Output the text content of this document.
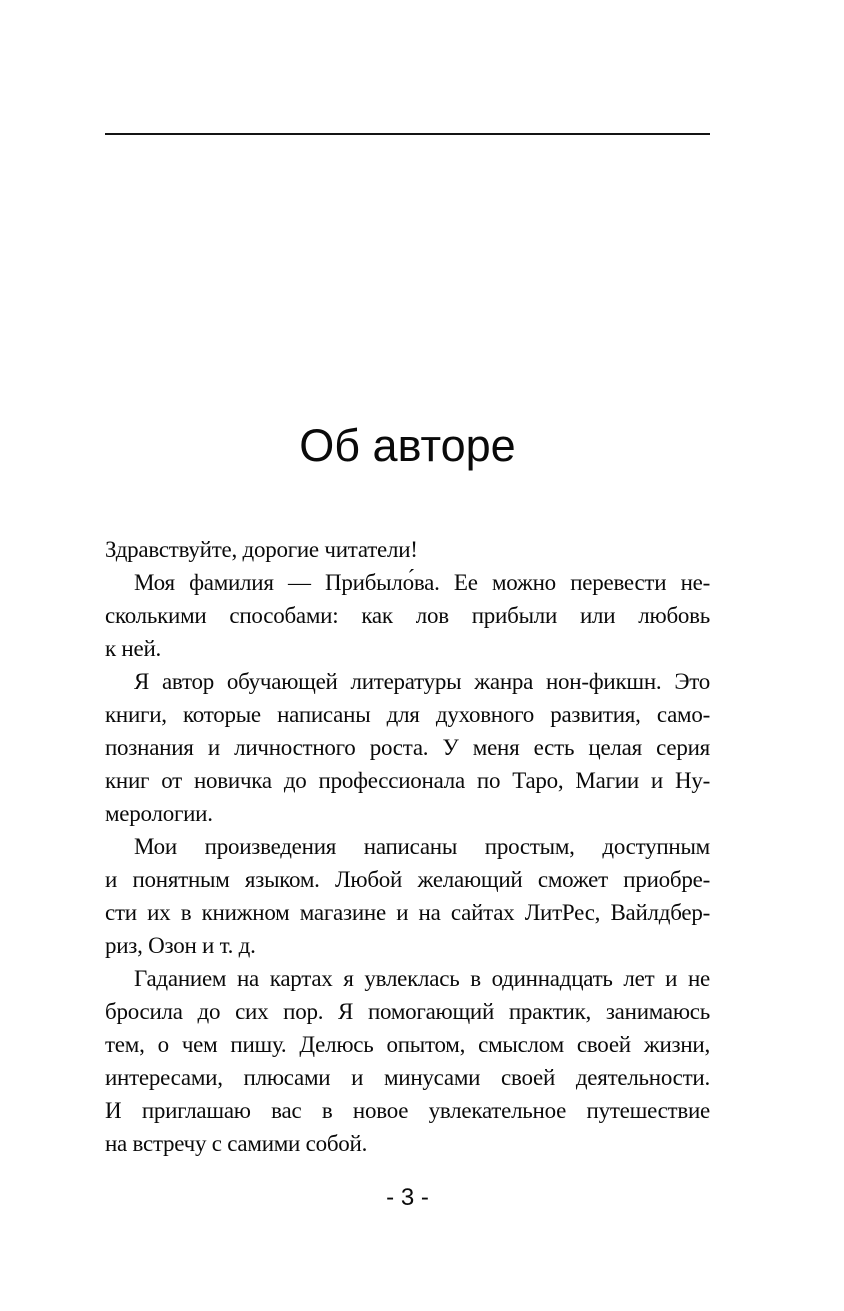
Об авторе
Здравствуйте, дорогие читатели!
Моя фамилия — Прибыло́ва. Ее можно перевести не-
сколькими способами: как лов прибыли или любовь
к ней.
Я автор обучающей литературы жанра нон-фикшн. Это
книги, которые написаны для духовного развития, само-
познания и личностного роста. У меня есть целая серия
книг от новичка до профессионала по Таро, Магии и Ну-
мерологии.
Мои произведения написаны простым, доступным
и понятным языком. Любой желающий сможет приобре-
сти их в книжном магазине и на сайтах ЛитРес, Вайлдбер-
риз, Озон и т. д.
Гаданием на картах я увлеклась в одиннадцать лет и не
бросила до сих пор. Я помогающий практик, занимаюсь
тем, о чем пишу. Делюсь опытом, смыслом своей жизни,
интересами, плюсами и минусами своей деятельности.
И приглашаю вас в новое увлекательное путешествие
на встречу с самими собой.
- 3 -
